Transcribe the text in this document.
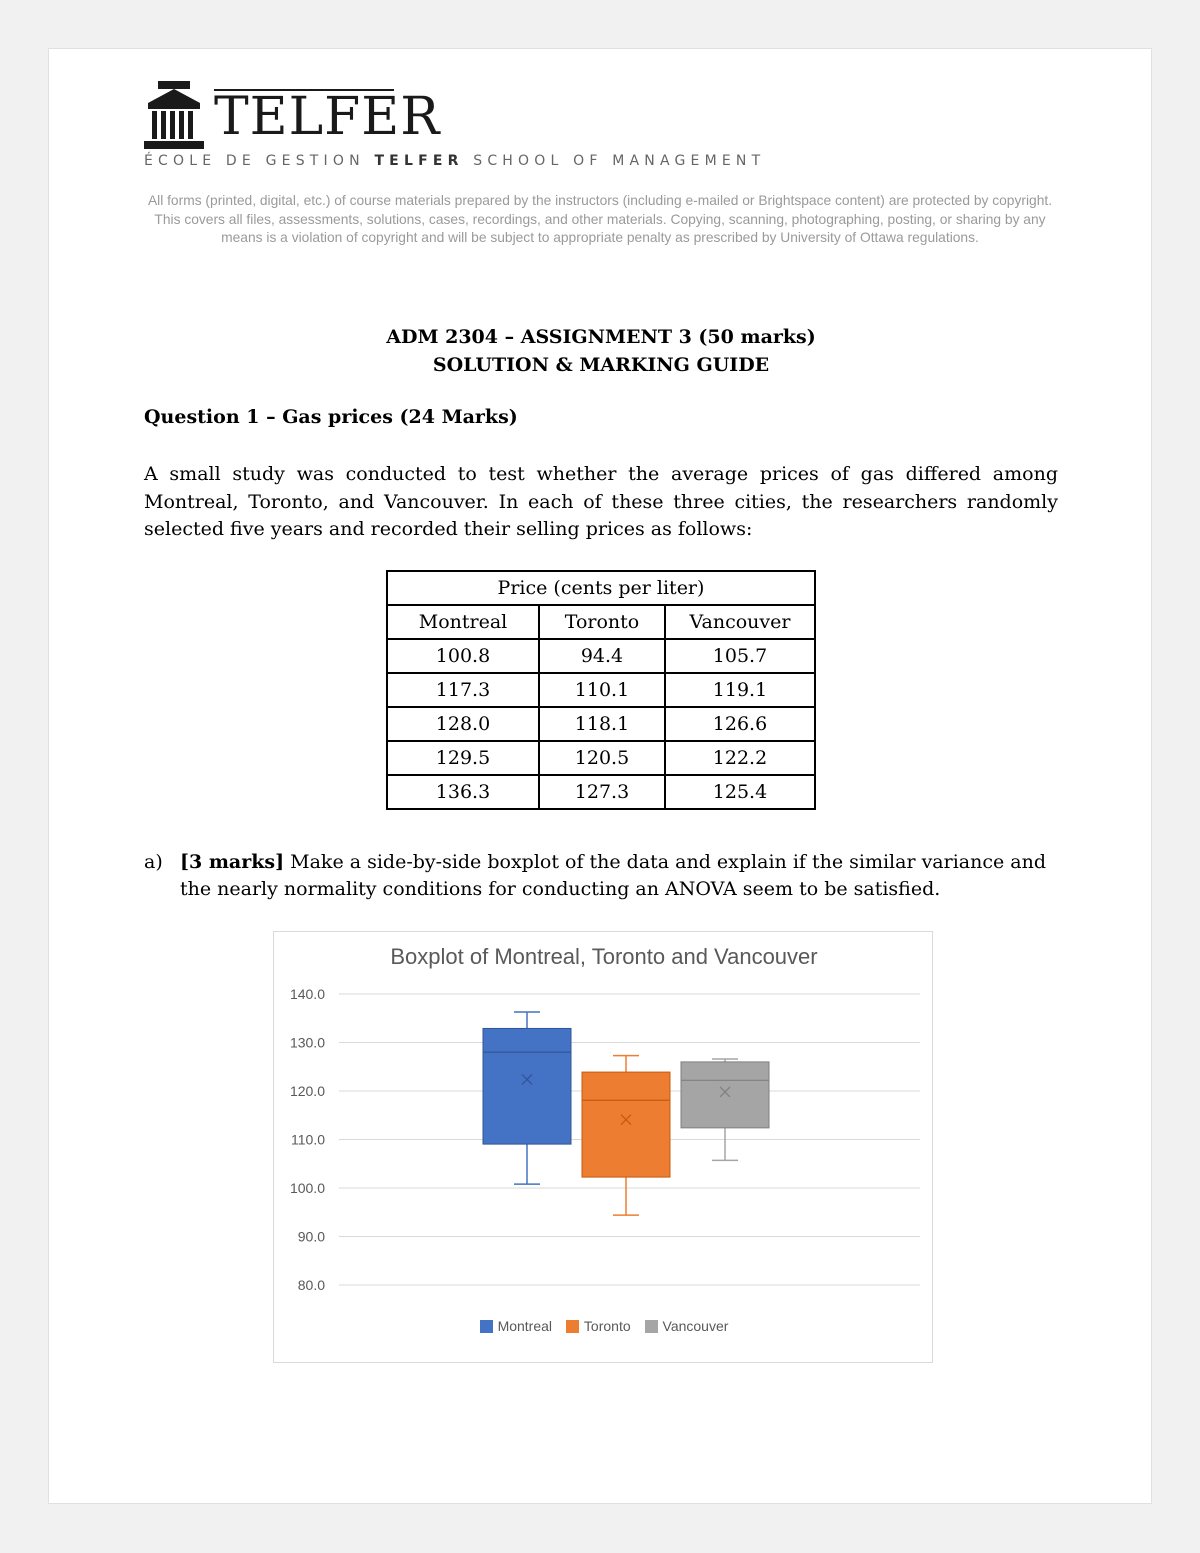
TELFER
ÉCOLE DE GESTION TELFER SCHOOL OF MANAGEMENT
All forms (printed, digital, etc.) of course materials prepared by the instructors (including e-mailed or Brightspace content) are protected by copyright. This covers all files, assessments, solutions, cases, recordings, and other materials. Copying, scanning, photographing, posting, or sharing by any means is a violation of copyright and will be subject to appropriate penalty as prescribed by University of Ottawa regulations.
ADM 2304 – ASSIGNMENT 3 (50 marks)
SOLUTION & MARKING GUIDE
Question 1 – Gas prices (24 Marks)
A small study was conducted to test whether the average prices of gas differed among Montreal, Toronto, and Vancouver. In each of these three cities, the researchers randomly selected five years and recorded their selling prices as follows:
Price (cents per liter)		
Montreal	Toronto	Vancouver
100.8	94.4	105.7
117.3	110.1	119.1
128.0	118.1	126.6
129.5	120.5	122.2
136.3	127.3	125.4
a) [3 marks] Make a side-by-side boxplot of the data and explain if the similar variance and the nearly normality conditions for conducting an ANOVA seem to be satisfied.
Boxplot of Montreal, Toronto and Vancouver
80.0
90.0
100.0
110.0
120.0
130.0
140.0
Montreal Toronto Vancouver
